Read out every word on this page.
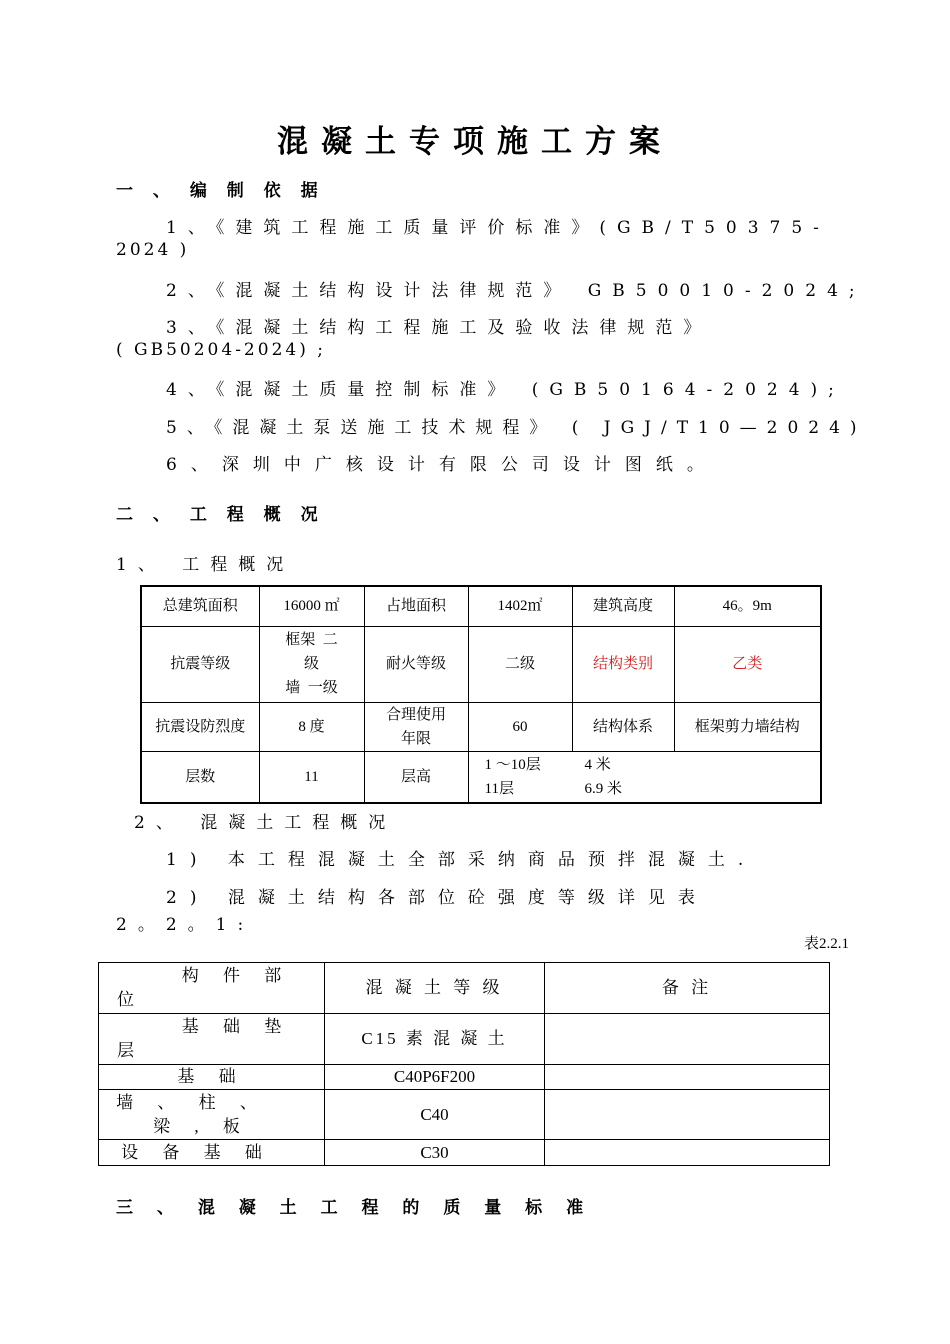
混凝土专项施工方案
一 、 编 制 依 据
1、《建筑工程施工质量评价标准》(GB/T50375-
2024 )
2、《混凝土结构设计法律规范》 GB50010-2024;
3、《混凝土结构工程施工及验收法律规范》
( GB50204-2024) ;
4、《混凝土质量控制标准》 (GB50164-2024);
5、《混凝土泵送施工技术规程》 ( JGJ/T10—2024)
6、深圳中广核设计有限公司设计图纸。
二 、 工 程 概 况
1、 工程概况
总建筑面积	16000 ㎡	占地面积	1402㎡	建筑高度	46。9m
抗震等级	框架  二
级
墙  一级	耐火等级	二级	结构类别	乙类
抗震设防烈度	8 度	合理使用
年限	60	结构体系	框架剪力墙结构
层数	11	层高	1 ～10层 4 米
11层 6.9 米		
2、 混凝土工程概况
1) 本工程混凝土全部采纳商品预拌混凝土.
2) 混凝土结构各部位砼强度等级详见表
2。2。1:
表2.2.1
构 件 部
位	混 凝 土 等 级	备 注

基 础 垫
层	C15 素 混 凝 土	
基 础	C40P6F200	

墙 、 柱 、
梁 , 板	C40	
设 备 基 础	C30	
三 、 混 凝 土 工 程 的 质 量 标 准
